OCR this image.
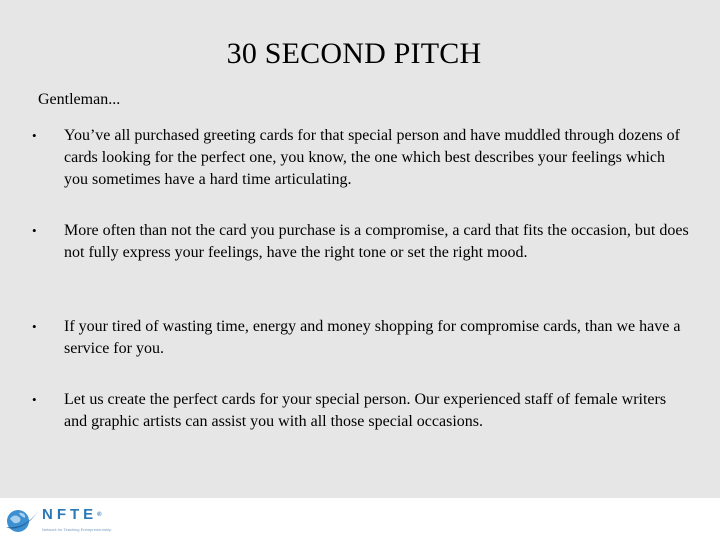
30 SECOND PITCH
Gentleman...
•	You’ve all purchased greeting cards for that special person and have muddled through dozens of cards looking for the perfect one, you know, the one which best describes your feelings which you sometimes have a hard time articulating.
•	More often than not the card you purchase is a compromise, a card that fits the occasion, but does not fully express your feelings, have the right tone or set the right mood.
•	If your tired of wasting time, energy and money shopping for compromise cards, than we have a service for you.
•	Let us create the perfect cards for your special person. Our experienced staff of female writers and graphic artists can assist you with all those special occasions.
NFTE®
Network for Teaching Entrepreneurship
